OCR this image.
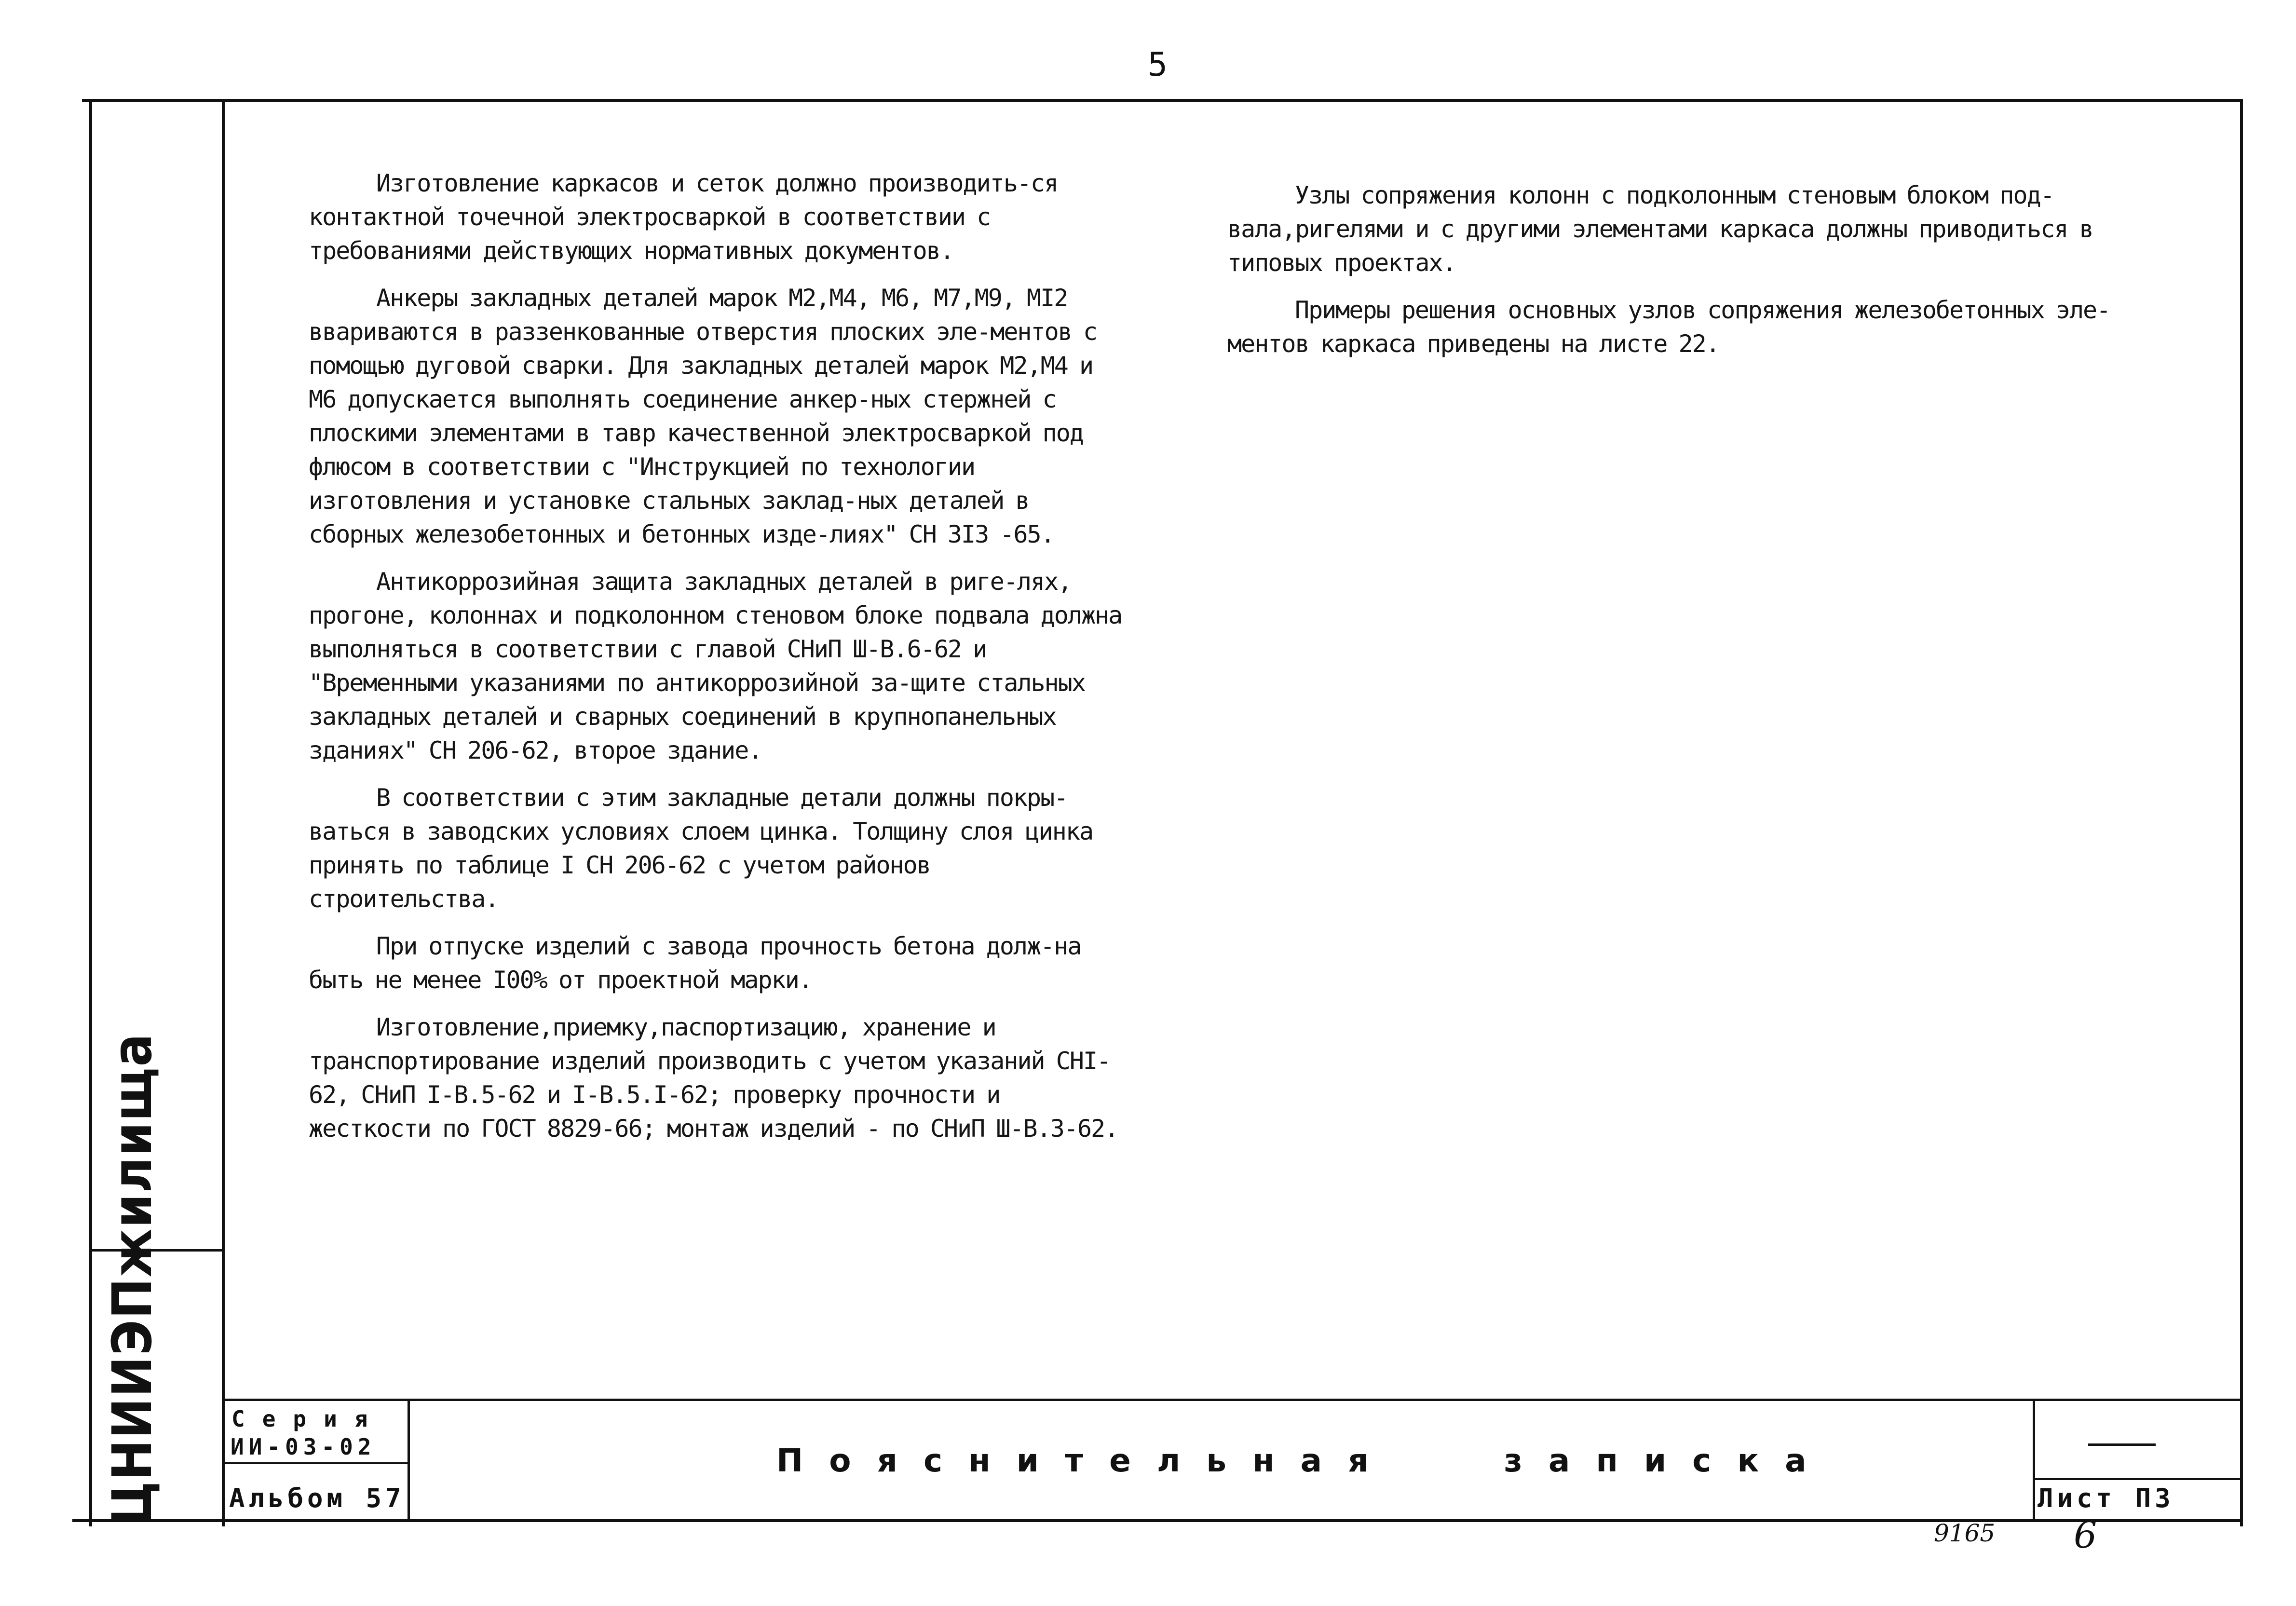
5
ЦНИИЭПжилища

Изготовление каркасов и сеток должно производить-ся контактной точечной электросваркой в соответствии с требованиями действующих нормативных документов.

Анкеры закладных деталей марок М2,М4, М6, М7,М9, МI2 вваривaются в раззенкованные отверстия плоских эле-ментов с помощью дуговой сварки. Для закладных деталей марок М2,М4 и М6 допускается выполнять соединение анкер-ных стержней с плоскими элементами в тавр качественной электросваркой под флюсом в соответствии с "Инструкцией по технологии изготовления и установке стальных заклад-ных деталей в сборных железобетонных и бетонных изде-лиях" СН 3I3 -65.

Антикоррозийная защита закладных деталей в риге-лях, прогоне, колоннах и подколонном стеновом блоке подвала должна выполняться в соответствии с главой СНиП Ш-В.6-62 и "Временными указаниями по антикоррозийной за-щите стальных закладных деталей и сварных соединений в крупнопанельных зданиях" СН 206-62, второе здание.

В соответствии с этим закладные детали должны покры-ваться в заводских условиях слоем цинка. Толщину слоя цинка принять по таблице I СН 206-62 с учетом районов строительства.

При отпуске изделий с завода прочность бетона долж-на быть не менее I00% от проектной марки.

Изготовление,приемку,паспортизацию, хранение и транспортирование изделий производить с учетом указаний СНI-62, СНиП I-В.5-62 и I-В.5.I-62; проверку прочности и жесткости по ГОСТ 8829-66; монтаж изделий - по СНиП Ш-В.3-62.

Узлы сопряжения колонн с подколонным стеновым блоком под-вала,ригелями и с другими элементами каркаса должны приводиться в типовых проектах.

Примеры решения основных узлов сопряжения железобетонных эле-ментов каркаса приведены на листе 22.

Серия
ИИ-03-02
Альбом 57
Пояснительная записка
Лист П3
9165 6
